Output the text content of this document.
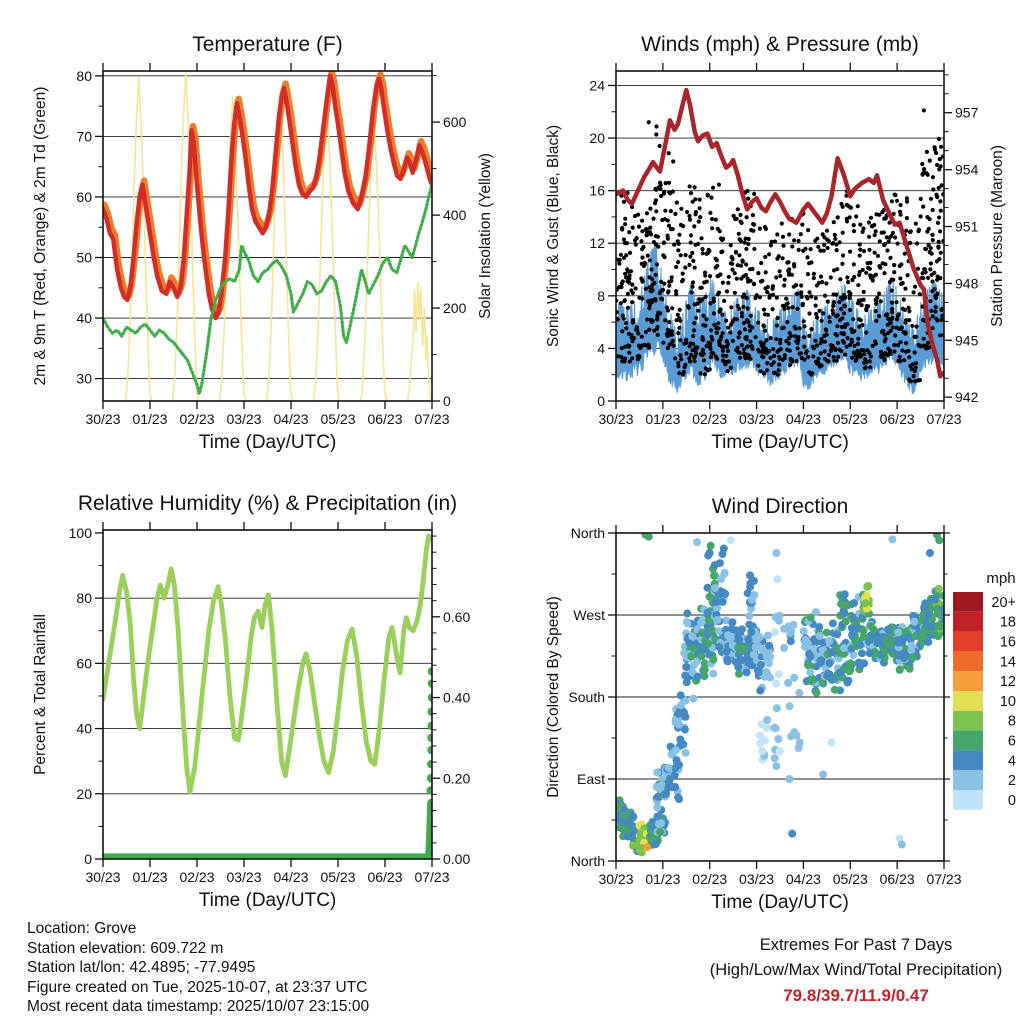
30/23 01/23 02/23 03/23 04/23 05/23 06/23 07/23
Time (Day/UTC)
30
40
50
60
70
80
2m & 9m T (Red, Orange) & 2m Td (Green)
0
200
400
600
Solar Insolation (Yellow)
Temperature (F)
30/23 01/23 02/23 03/23 04/23 05/23 06/23 07/23
Time (Day/UTC)
0
4
8
12
16
20
24
Sonic Wind & Gust (Blue, Black)
942
945
948
951
954
957
Station Pressure (Maroon)
Winds (mph) & Pressure (mb)
30/23 01/23 02/23 03/23 04/23 05/23 06/23 07/23
Time (Day/UTC)
0
20
40
60
80
100
Percent & Total Rainfall
0.00
0.20
0.40
0.60
Relative Humidity (%) & Precipitation (in)
30/23 01/23 02/23 03/23 04/23 05/23 06/23 07/23
Time (Day/UTC)
North
East
South
West
North
Direction (Colored By Speed)
Wind Direction
mph
20+
18
16
14
12
10
8
6
4
2
0
Location: Grove
Station elevation: 609.722 m
Station lat/lon: 42.4895; -77.9495
Figure created on Tue, 2025-10-07, at 23:37 UTC
Most recent data timestamp: 2025/10/07 23:15:00
Extremes For Past 7 Days
(High/Low/Max Wind/Total Precipitation)
79.8/39.7/11.9/0.47
